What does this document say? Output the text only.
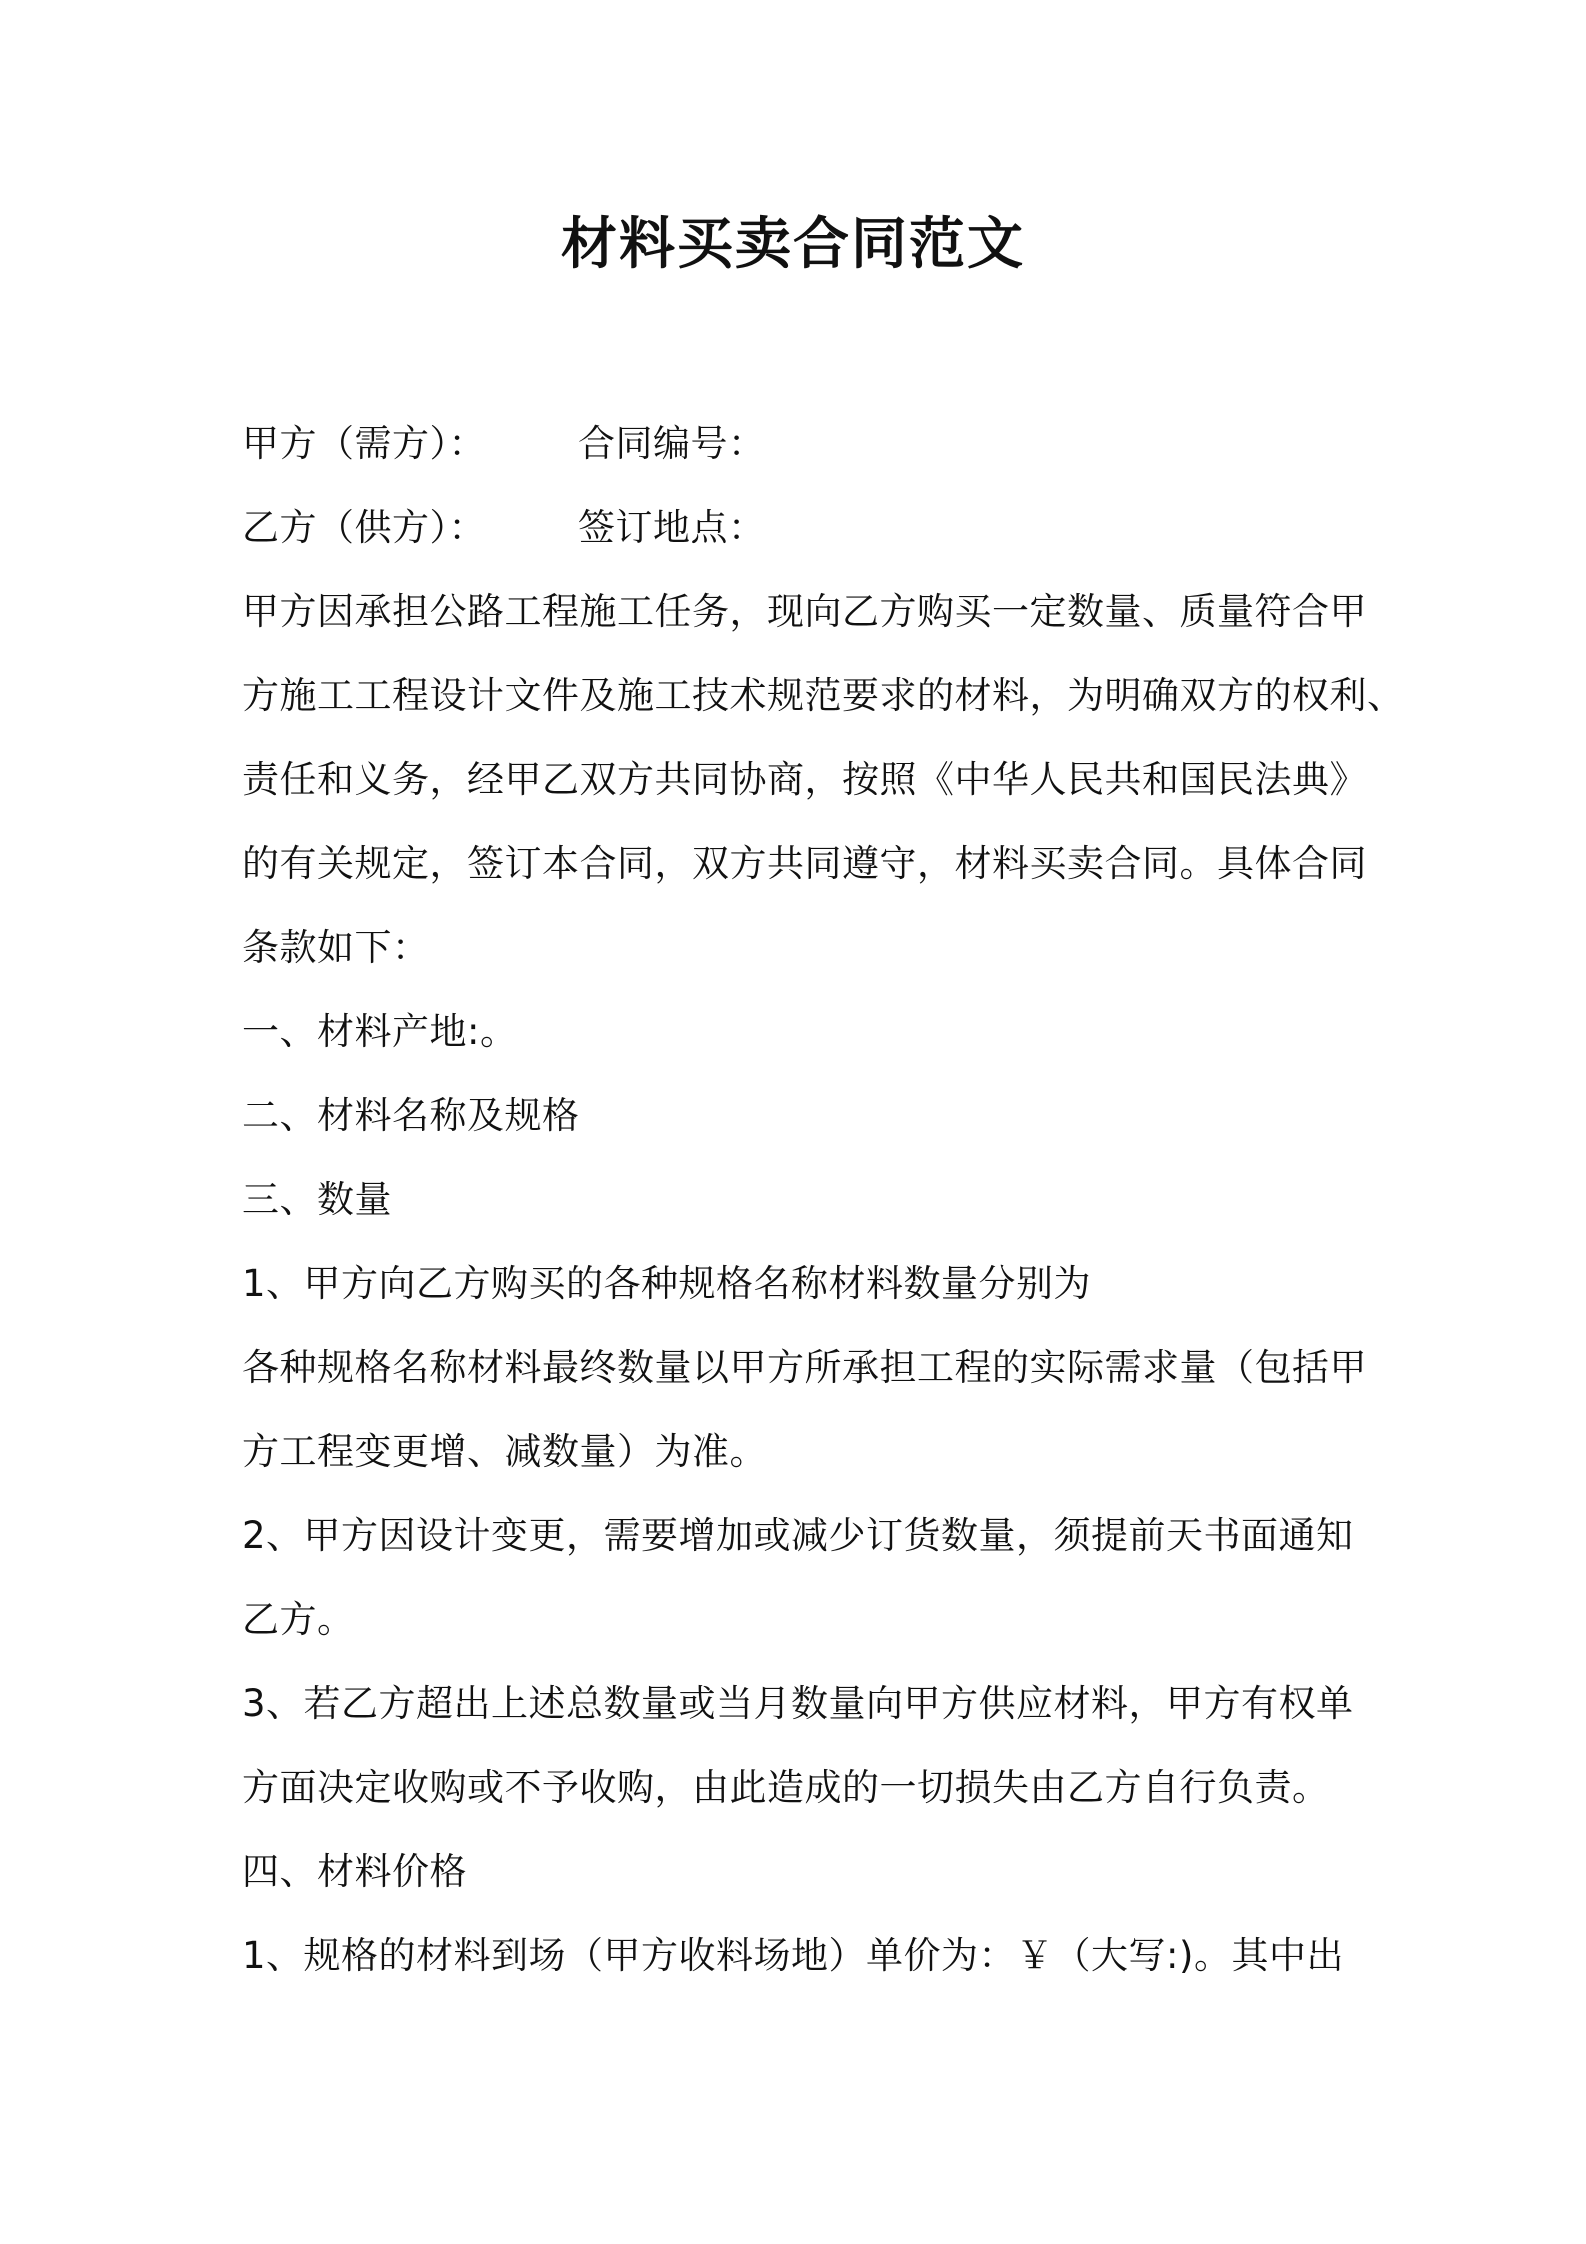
材料买卖合同范文
甲方（需方）：	合同编号：
乙方（供方）：	签订地点：
甲方因承担公路工程施工任务，现向乙方购买一定数量、质量符合甲
方施工工程设计文件及施工技术规范要求的材料，为明确双方的权利、
责任和义务，经甲乙双方共同协商，按照《中华人民共和国民法典》
的有关规定，签订本合同，双方共同遵守，材料买卖合同。具体合同
条款如下：
一、材料产地:。
二、材料名称及规格
三、数量
1、甲方向乙方购买的各种规格名称材料数量分别为
各种规格名称材料最终数量以甲方所承担工程的实际需求量（包括甲
方工程变更增、减数量）为准。
2、甲方因设计变更，需要增加或减少订货数量，须提前天书面通知
乙方。
3、若乙方超出上述总数量或当月数量向甲方供应材料，甲方有权单
方面决定收购或不予收购，由此造成的一切损失由乙方自行负责。
四、材料价格
1、规格的材料到场（甲方收料场地）单价为：￥（大写:)。其中出
